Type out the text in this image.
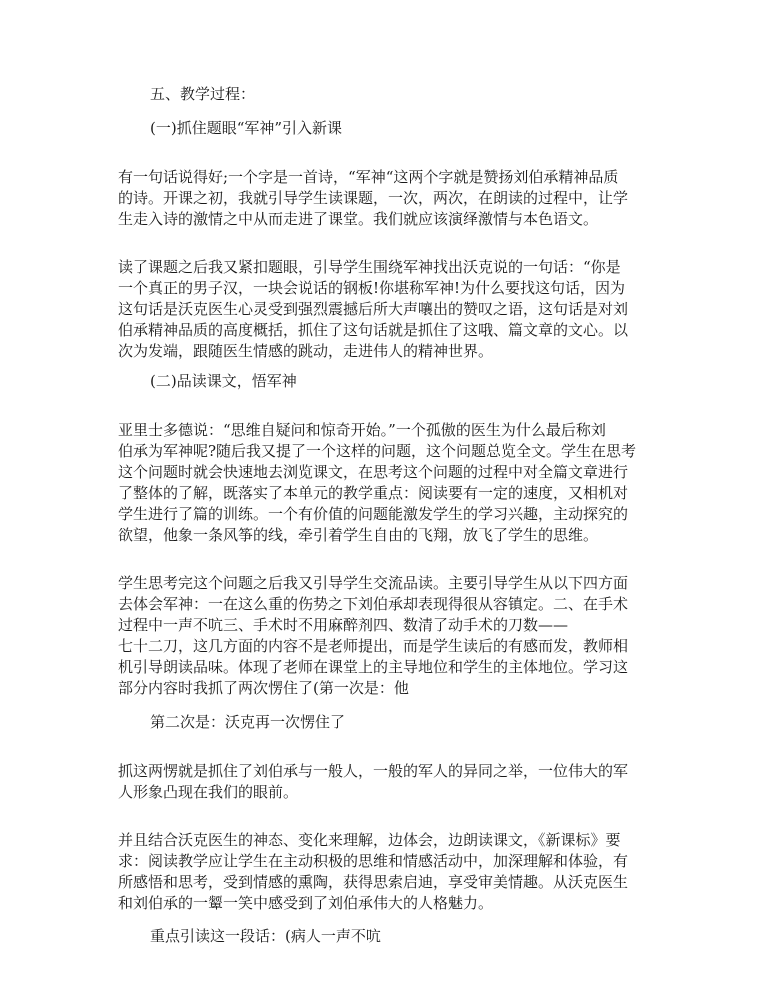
五、教学过程：
(一)抓住题眼“军神”引入新课
有一句话说得好;一个字是一首诗，“军神“这两个字就是赞扬刘伯承精神品质
的诗。开课之初，我就引导学生读课题，一次，两次，在朗读的过程中，让学
生走入诗的激情之中从而走进了课堂。我们就应该演绎激情与本色语文。
读了课题之后我又紧扣题眼，引导学生围绕军神找出沃克说的一句话：“你是
一个真正的男子汉，一块会说话的钢板!你堪称军神!为什么要找这句话，因为
这句话是沃克医生心灵受到强烈震撼后所大声嚷出的赞叹之语，这句话是对刘
伯承精神品质的高度概括，抓住了这句话就是抓住了这哦、篇文章的文心。以
次为发端，跟随医生情感的跳动，走进伟人的精神世界。
(二)品读课文，悟军神
亚里士多德说：“思维自疑问和惊奇开始。”一个孤傲的医生为什么最后称刘
伯承为军神呢?随后我又提了一个这样的问题，这个问题总览全文。学生在思考
这个问题时就会快速地去浏览课文，在思考这个问题的过程中对全篇文章进行
了整体的了解，既落实了本单元的教学重点：阅读要有一定的速度，又相机对
学生进行了篇的训练。一个有价值的问题能激发学生的学习兴趣，主动探究的
欲望，他象一条风筝的线，牵引着学生自由的飞翔，放飞了学生的思维。
学生思考完这个问题之后我又引导学生交流品读。主要引导学生从以下四方面
去体会军神：一在这么重的伤势之下刘伯承却表现得很从容镇定。二、在手术
过程中一声不吭三、手术时不用麻醉剂四、数清了动手术的刀数——
七十二刀，这几方面的内容不是老师提出，而是学生读后的有感而发，教师相
机引导朗读品味。体现了老师在课堂上的主导地位和学生的主体地位。学习这
部分内容时我抓了两次愣住了(第一次是：他
第二次是：沃克再一次愣住了
抓这两愣就是抓住了刘伯承与一般人，一般的军人的异同之举，一位伟大的军
人形象凸现在我们的眼前。
并且结合沃克医生的神态、变化来理解，边体会，边朗读课文，《新课标》要
求：阅读教学应让学生在主动积极的思维和情感活动中，加深理解和体验，有
所感悟和思考，受到情感的熏陶，获得思索启迪，享受审美情趣。从沃克医生
和刘伯承的一颦一笑中感受到了刘伯承伟大的人格魅力。
重点引读这一段话：(病人一声不吭
